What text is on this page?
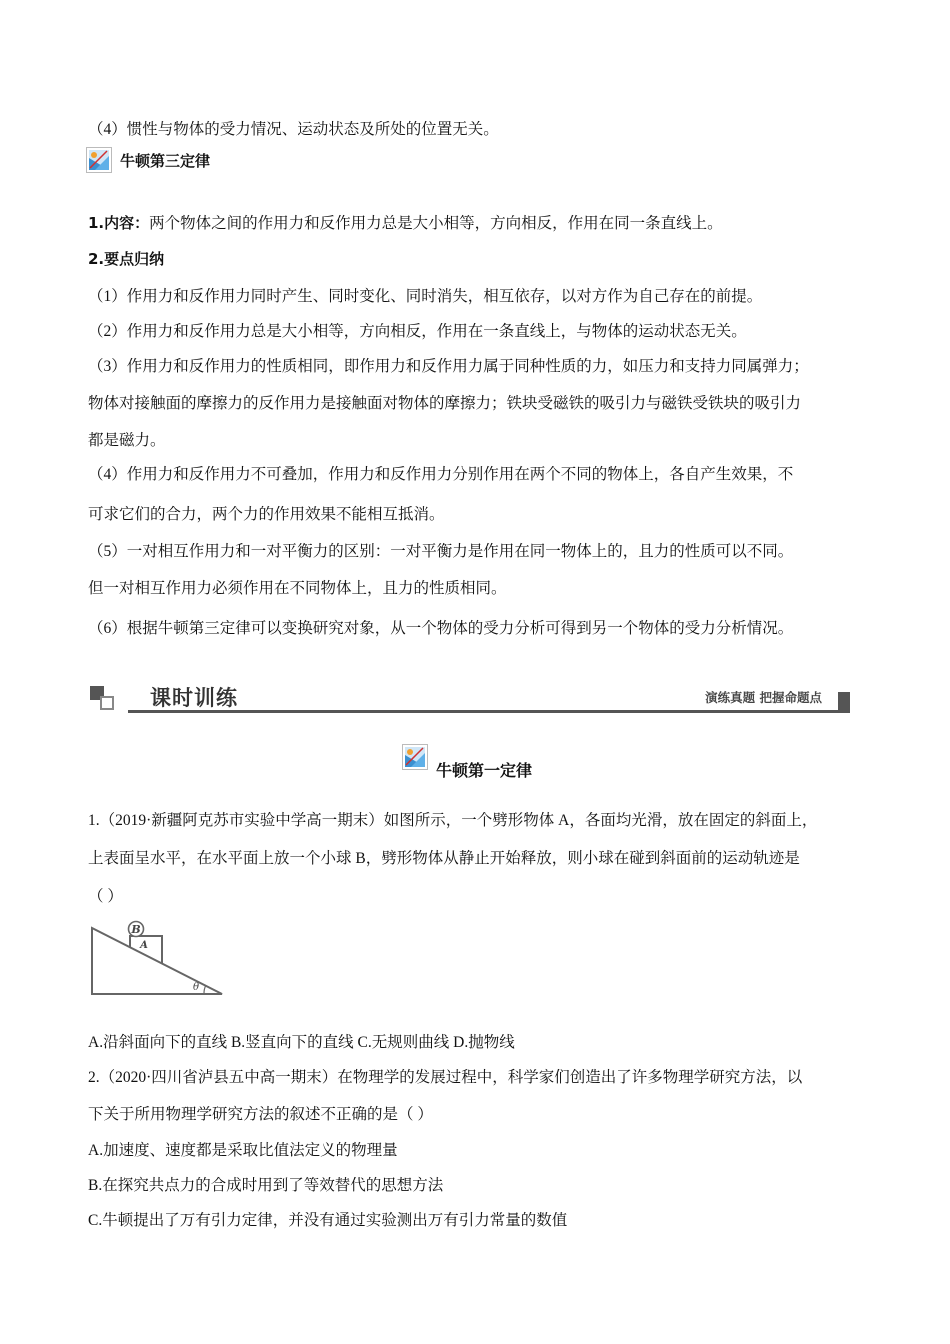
（4）惯性与物体的受力情况、运动状态及所处的位置无关。
牛顿第三定律
1.内容：两个物体之间的作用力和反作用力总是大小相等，方向相反，作用在同一条直线上。
2.要点归纳
（1）作用力和反作用力同时产生、同时变化、同时消失，相互依存，以对方作为自己存在的前提。
（2）作用力和反作用力总是大小相等，方向相反，作用在一条直线上，与物体的运动状态无关。
（3）作用力和反作用力的性质相同，即作用力和反作用力属于同种性质的力，如压力和支持力同属弹力；
物体对接触面的摩擦力的反作用力是接触面对物体的摩擦力；铁块受磁铁的吸引力与磁铁受铁块的吸引力
都是磁力。
（4）作用力和反作用力不可叠加，作用力和反作用力分别作用在两个不同的物体上，各自产生效果，不
可求它们的合力，两个力的作用效果不能相互抵消。
（5）一对相互作用力和一对平衡力的区别：一对平衡力是作用在同一物体上的，且力的性质可以不同。
但一对相互作用力必须作用在不同物体上，且力的性质相同。
（6）根据牛顿第三定律可以变换研究对象，从一个物体的受力分析可得到另一个物体的受力分析情况。
课时训练	演练真题 把握命题点
牛顿第一定律
1.（2019·新疆阿克苏市实验中学高一期末）如图所示，一个劈形物体 A，各面均光滑，放在固定的斜面上，
上表面呈水平，在水平面上放一个小球 B，劈形物体从静止开始释放，则小球在碰到斜面前的运动轨迹是
（ ）
B
A
θ
A.沿斜面向下的直线 B.竖直向下的直线 C.无规则曲线 D.抛物线
2.（2020·四川省泸县五中高一期末）在物理学的发展过程中，科学家们创造出了许多物理学研究方法，以
下关于所用物理学研究方法的叙述不正确的是（ ）
A.加速度、速度都是采取比值法定义的物理量
B.在探究共点力的合成时用到了等效替代的思想方法
C.牛顿提出了万有引力定律，并没有通过实验测出万有引力常量的数值
